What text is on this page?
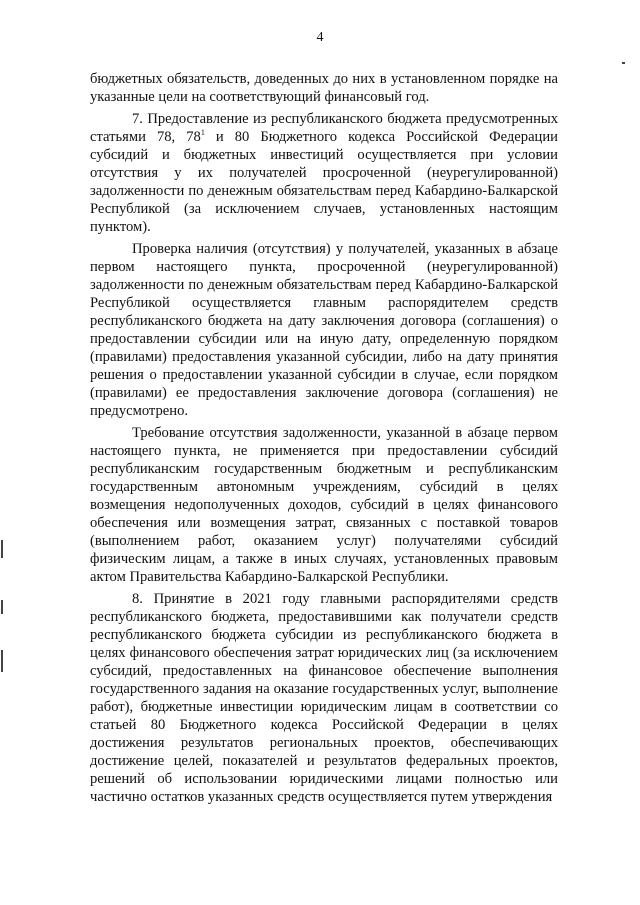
4

бюджетных обязательств, доведенных до них в установленном порядке на указанные цели на соответствующий финансовый год.

7. Предоставление из республиканского бюджета предусмотренных статьями 78, $78^1$ и 80 Бюджетного кодекса Российской Федерации субсидий и бюджетных инвестиций осуществляется при условии отсутствия у их получателей просроченной (неурегулированной) задолженности по денежным обязательствам перед Кабардино-Балкарской Республикой (за исключением случаев, установленных настоящим пунктом).

Проверка наличия (отсутствия) у получателей, указанных в абзаце первом настоящего пункта, просроченной (неурегулированной) задолженности по денежным обязательствам перед Кабардино-Балкарской Республикой осуществляется главным распорядителем средств республиканского бюджета на дату заключения договора (соглашения) о предоставлении субсидии или на иную дату, определенную порядком (правилами) предоставления указанной субсидии, либо на дату принятия решения о предоставлении указанной субсидии в случае, если порядком (правилами) ее предоставления заключение договора (соглашения) не предусмотрено.

Требование отсутствия задолженности, указанной в абзаце первом настоящего пункта, не применяется при предоставлении субсидий республиканским государственным бюджетным и республиканским государственным автономным учреждениям, субсидий в целях возмещения недополученных доходов, субсидий в целях финансового обеспечения или возмещения затрат, связанных с поставкой товаров (выполнением работ, оказанием услуг) получателями субсидий физическим лицам, а также в иных случаях, установленных правовым актом Правительства Кабардино-Балкарской Республики.

8. Принятие в 2021 году главными распорядителями средств республиканского бюджета, предоставившими как получатели средств республиканского бюджета субсидии из республиканского бюджета в целях финансового обеспечения затрат юридических лиц (за исключением субсидий, предоставленных на финансовое обеспечение выполнения государственного задания на оказание государственных услуг, выполнение работ), бюджетные инвестиции юридическим лицам в соответствии со статьей 80 Бюджетного кодекса Российской Федерации в целях достижения результатов региональных проектов, обеспечивающих достижение целей, показателей и результатов федеральных проектов, решений об использовании юридическими лицами полностью или частично остатков указанных средств осуществляется путем утверждения
